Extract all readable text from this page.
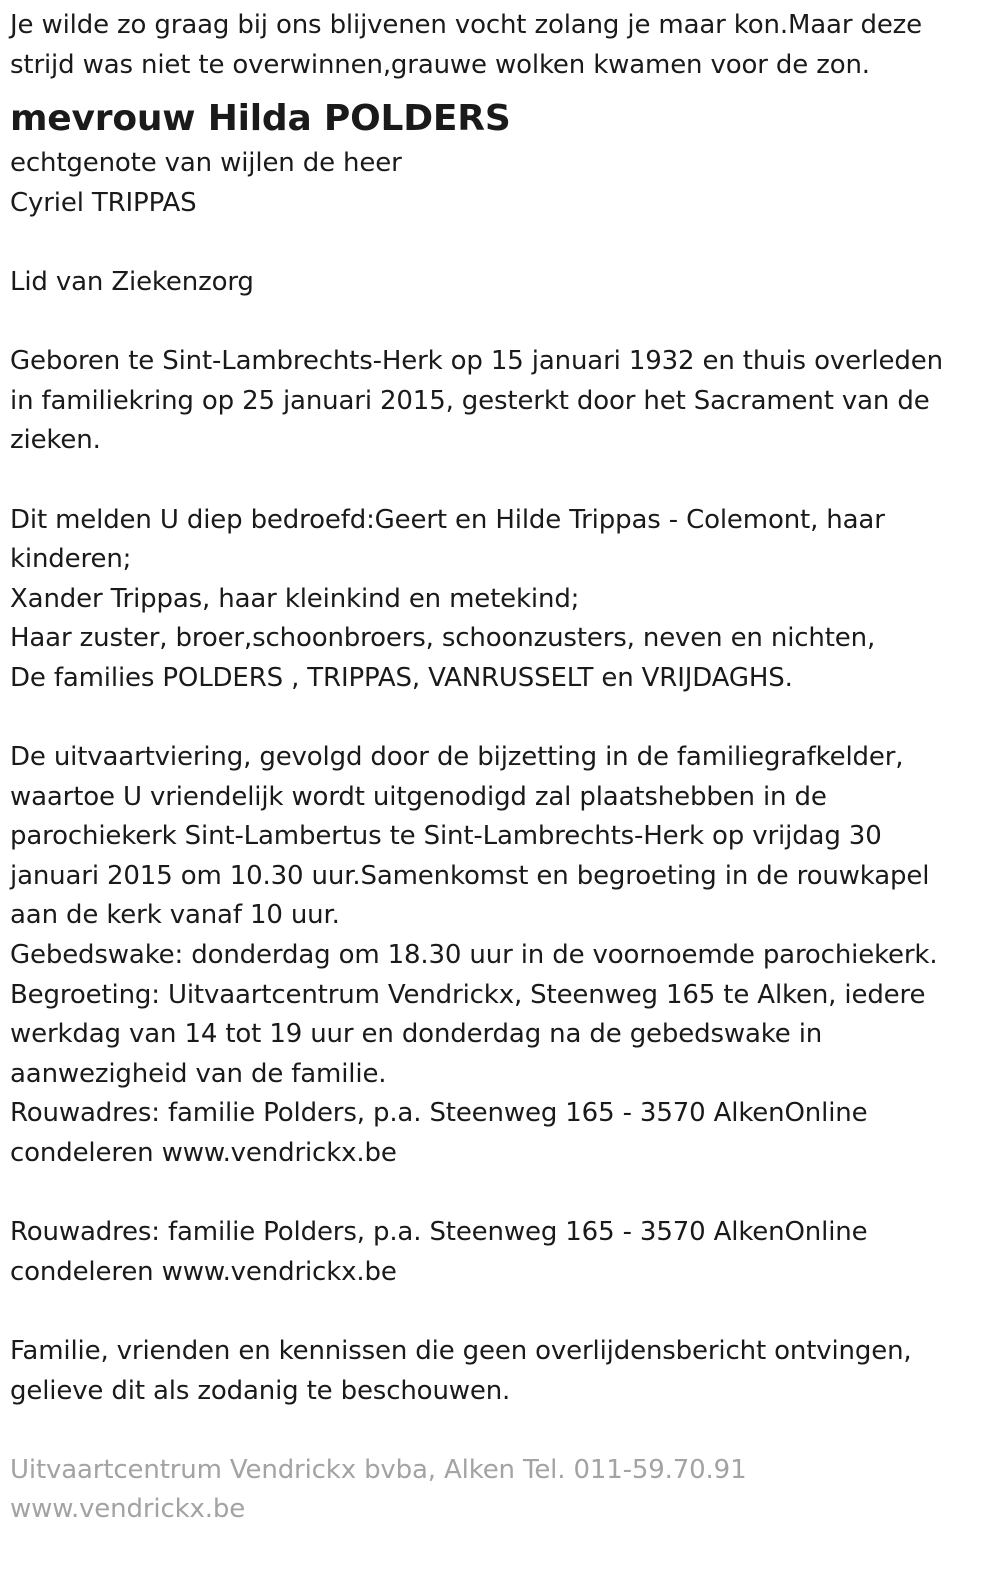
Je wilde zo graag bij ons blijvenen vocht zolang je maar kon.Maar deze
strijd was niet te overwinnen,grauwe wolken kwamen voor de zon.
mevrouw Hilda POLDERS
echtgenote van wijlen de heer
Cyriel TRIPPAS
Lid van Ziekenzorg
Geboren te Sint-Lambrechts-Herk op 15 januari 1932 en thuis overleden
in familiekring op 25 januari 2015, gesterkt door het Sacrament van de
zieken.
Dit melden U diep bedroefd:Geert en Hilde Trippas - Colemont, haar
kinderen;
Xander Trippas, haar kleinkind en metekind;
Haar zuster, broer,schoonbroers, schoonzusters, neven en nichten,
De families POLDERS , TRIPPAS, VANRUSSELT en VRIJDAGHS.
De uitvaartviering, gevolgd door de bijzetting in de familiegrafkelder,
waartoe U vriendelijk wordt uitgenodigd zal plaatshebben in de
parochiekerk Sint-Lambertus te Sint-Lambrechts-Herk op vrijdag 30
januari 2015 om 10.30 uur.Samenkomst en begroeting in de rouwkapel
aan de kerk vanaf 10 uur.
Gebedswake: donderdag om 18.30 uur in de voornoemde parochiekerk.
Begroeting: Uitvaartcentrum Vendrickx, Steenweg 165 te Alken, iedere
werkdag van 14 tot 19 uur en donderdag na de gebedswake in
aanwezigheid van de familie.
Rouwadres: familie Polders, p.a. Steenweg 165 - 3570 AlkenOnline
condeleren www.vendrickx.be
Rouwadres: familie Polders, p.a. Steenweg 165 - 3570 AlkenOnline
condeleren www.vendrickx.be
Familie, vrienden en kennissen die geen overlijdensbericht ontvingen,
gelieve dit als zodanig te beschouwen.
Uitvaartcentrum Vendrickx bvba, Alken Tel. 011-59.70.91
www.vendrickx.be
